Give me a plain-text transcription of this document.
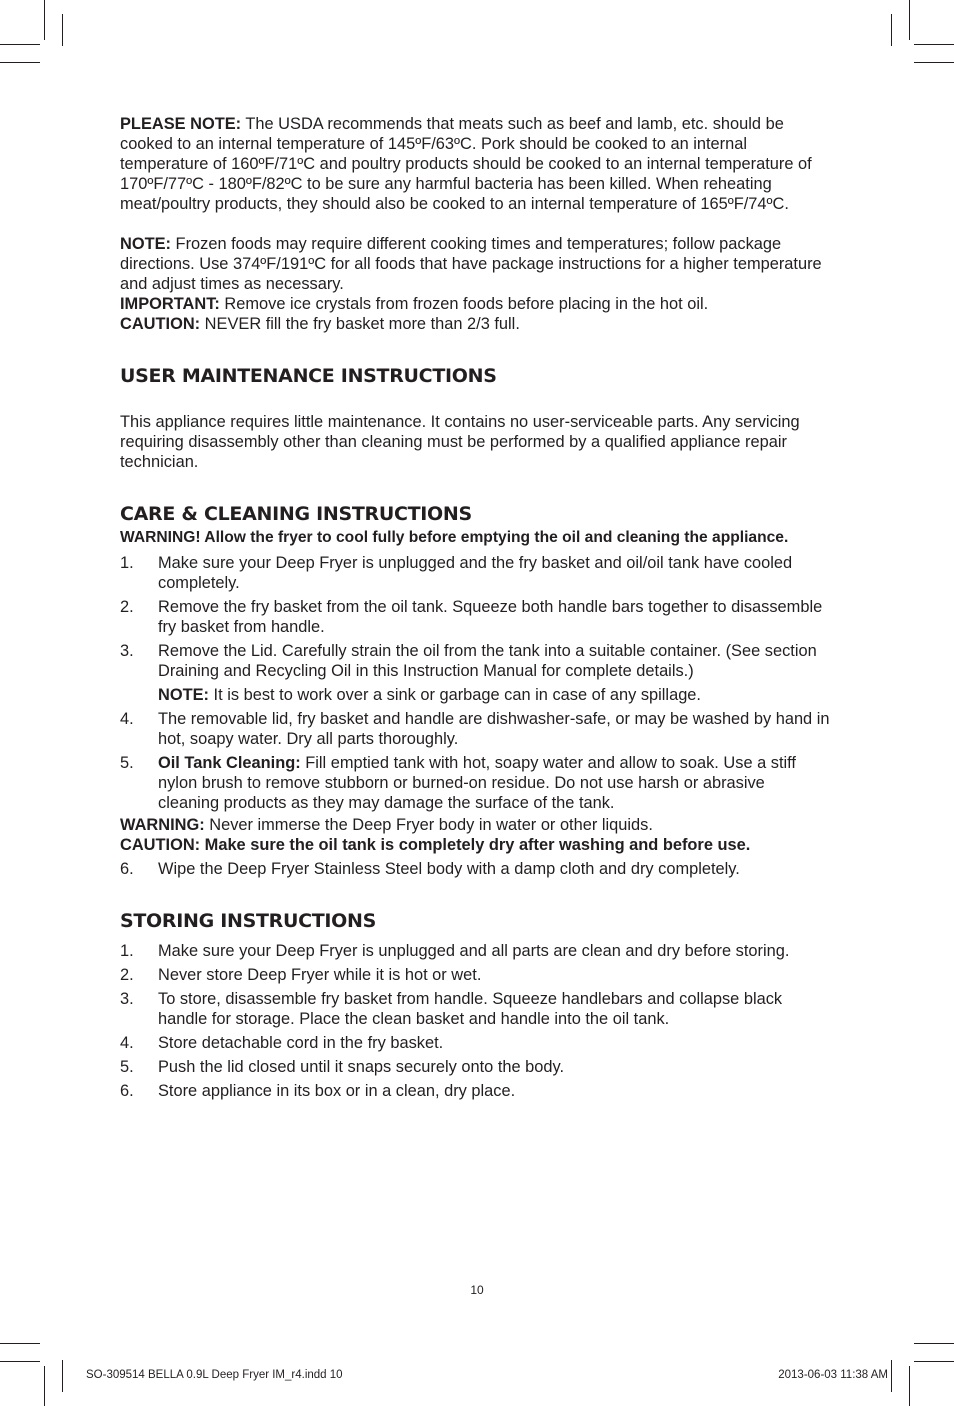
PLEASE NOTE: The USDA recommends that meats such as beef and lamb, etc. should be cooked to an internal temperature of 145ºF/63ºC. Pork should be cooked to an internal temperature of 160ºF/71ºC and poultry products should be cooked to an internal temperature of 170ºF/77ºC - 180ºF/82ºC to be sure any harmful bacteria has been killed. When reheating meat/poultry products, they should also be cooked to an internal temperature of 165ºF/74ºC.

NOTE: Frozen foods may require different cooking times and temperatures; follow package directions. Use 374ºF/191ºC for all foods that have package instructions for a higher temperature and adjust times as necessary.

IMPORTANT: Remove ice crystals from frozen foods before placing in the hot oil.

CAUTION: NEVER fill the fry basket more than 2/3 full.

USER MAINTENANCE INSTRUCTIONS

This appliance requires little maintenance. It contains no user-serviceable parts. Any servicing requiring disassembly other than cleaning must be performed by a qualified appliance repair technician.

CARE & CLEANING INSTRUCTIONS
WARNING! Allow the fryer to cool fully before emptying the oil and cleaning the appliance.
1. Make sure your Deep Fryer is unplugged and the fry basket and oil/oil tank have cooled completely.
2. Remove the fry basket from the oil tank. Squeeze both handle bars together to disassemble fry basket from handle.
3. Remove the Lid. Carefully strain the oil from the tank into a suitable container. (See section Draining and Recycling Oil in this Instruction Manual for complete details.)
NOTE: It is best to work over a sink or garbage can in case of any spillage.
4. The removable lid, fry basket and handle are dishwasher-safe, or may be washed by hand in hot, soapy water. Dry all parts thoroughly.
5. Oil Tank Cleaning: Fill emptied tank with hot, soapy water and allow to soak. Use a stiff nylon brush to remove stubborn or burned-on residue. Do not use harsh or abrasive cleaning products as they may damage the surface of the tank.

WARNING: Never immerse the Deep Fryer body in water or other liquids.

CAUTION: Make sure the oil tank is completely dry after washing and before use.

6. Wipe the Deep Fryer Stainless Steel body with a damp cloth and dry completely.
STORING INSTRUCTIONS
1. Make sure your Deep Fryer is unplugged and all parts are clean and dry before storing.
2. Never store Deep Fryer while it is hot or wet.
3. To store, disassemble fry basket from handle. Squeeze handlebars and collapse black handle for storage. Place the clean basket and handle into the oil tank.
4. Store detachable cord in the fry basket.
5. Push the lid closed until it snaps securely onto the body.
6. Store appliance in its box or in a clean, dry place.
10
SO-309514 BELLA 0.9L Deep Fryer IM_r4.indd 10	2013-06-03 11:38 AM
